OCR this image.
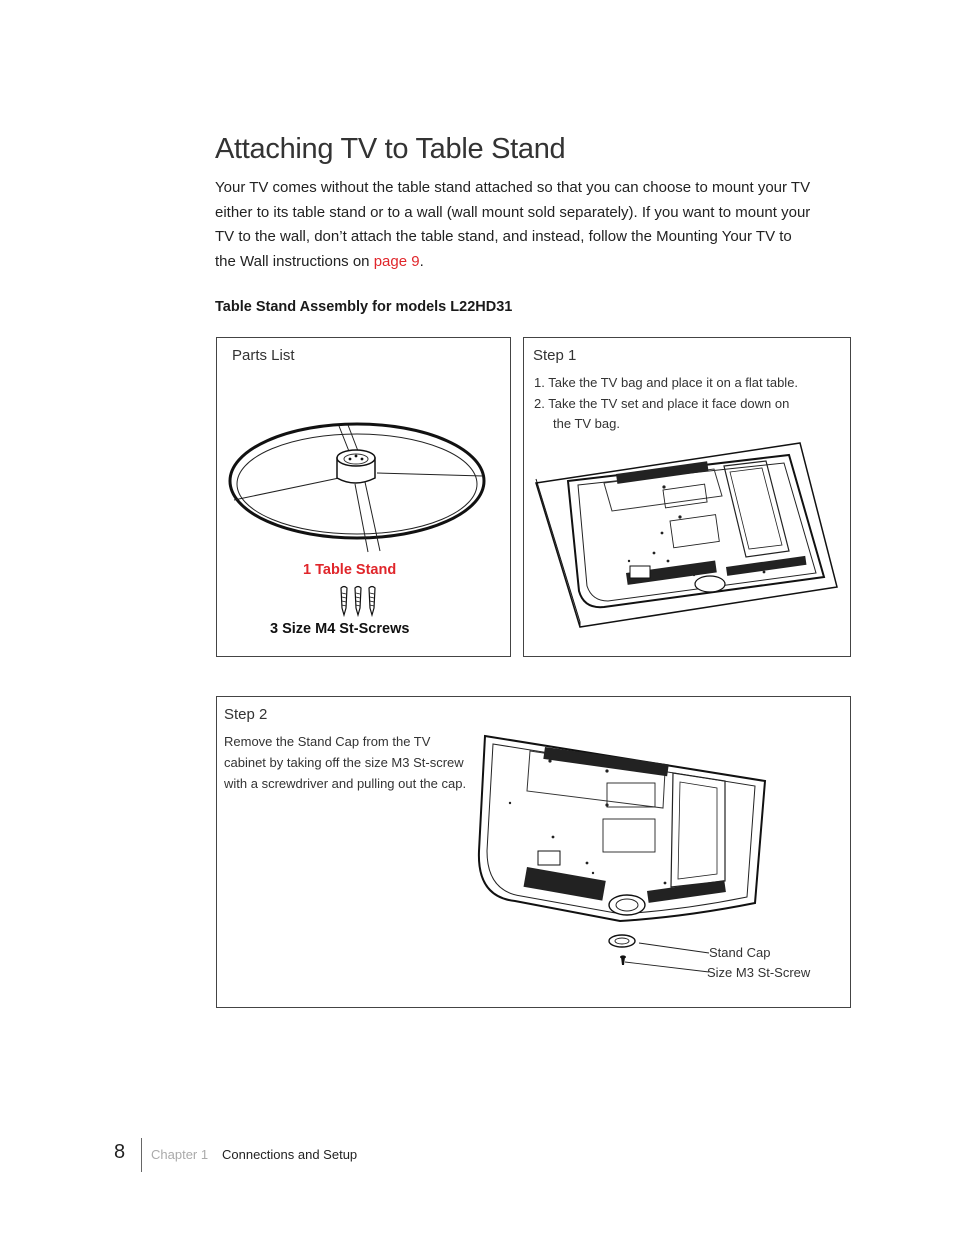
Attaching TV to Table Stand
Your TV comes without the table stand attached so that you can choose to mount your TV either to its table stand or to a wall (wall mount sold separately). If you want to mount your TV to the wall, don’t attach the table stand, and instead, follow the Mounting Your TV to the Wall instructions on page 9.
Table Stand Assembly for models L22HD31
Parts List
1 Table Stand
3 Size M4 St-Screws
Step 1
1. Take the TV bag and place it on a flat table.
2. Take the TV set and place it face down on
the TV bag.
Step 2
Remove the Stand Cap from the TV cabinet by taking off the size M3 St-screw with a screwdriver and pulling out the cap.
Stand Cap
Size M3 St-Screw
8 Chapter 1 Connections and Setup
